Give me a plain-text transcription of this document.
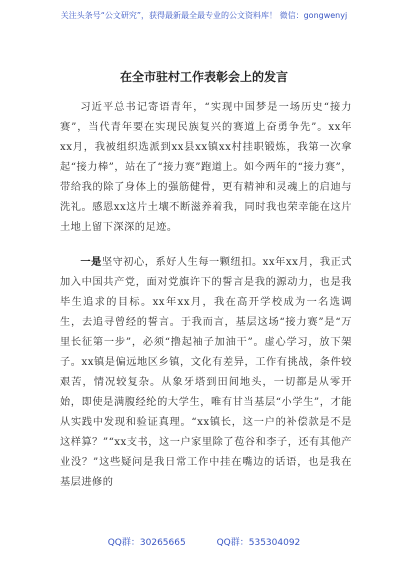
关注头条号“公文研究”，获得最新最全最专业的公文资料库！ 微信：gongwenyj
在全市驻村工作表彰会上的发言

习近平总书记寄语青年，“实现中国梦是一场历史“接力赛”，当代青年要在实现民族复兴的赛道上奋勇争先”。xx年xx月，我被组织选派到xx县xx镇xx村挂职锻炼，我第一次拿起“接力棒”，站在了“接力赛”跑道上。如今两年的“接力赛”，带给我的除了身体上的强筋健骨，更有精神和灵魂上的启迪与洗礼。感恩xx这片土壤不断滋养着我，同时我也荣幸能在这片土地上留下深深的足迹。

一是坚守初心，系好人生每一颗纽扣。xx年xx月，我正式加入中国共产党，面对党旗许下的誓言是我的源动力，也是我毕生追求的目标。xx年xx月，我在高开学校成为一名选调生，去追寻曾经的誓言。于我而言，基层这场“接力赛”是“万里长征第一步”，必须“撸起袖子加油干”。虚心学习，放下架子。xx镇是偏远地区乡镇，文化有差异，工作有挑战，条件较艰苦，情况较复杂。从象牙塔到田间地头，一切都是从零开始，即使是满腹经纶的大学生，唯有甘当基层“小学生”，才能从实践中发现和验证真理。“xx镇长，这一户的补偿款是不是这样算？”“xx支书，这一户家里除了苞谷和李子，还有其他产业没？”这些疑问是我日常工作中挂在嘴边的话语，也是我在基层进修的

QQ群：30265665	QQ群：535304092
